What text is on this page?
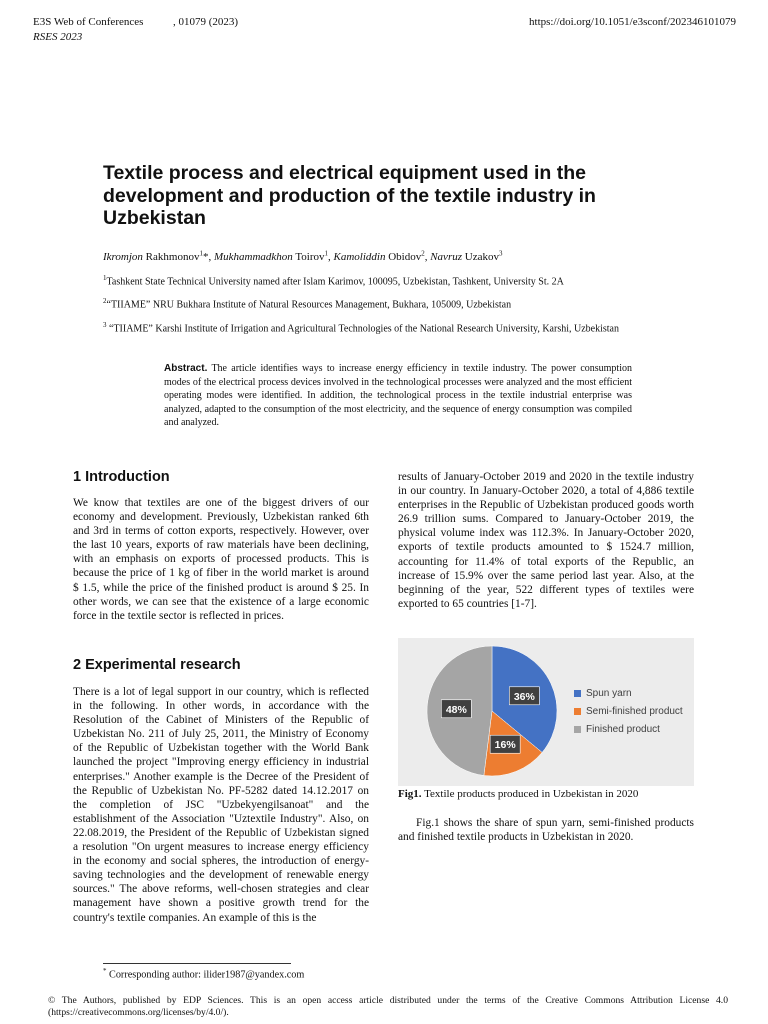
E3S Web of Conferences	, 01079 (2023)	https://doi.org/10.1051/e3sconf/202346101079
RSES 2023
Textile process and electrical equipment used in the development and production of the textile industry in Uzbekistan
Ikromjon Rakhmonov$^1$*, Mukhammadkhon Toirov$^1$, Kamoliddin Obidov$^2$, Navruz Uzakov$^3$
$^1$Tashkent State Technical University named after Islam Karimov, 100095, Uzbekistan, Tashkent, University St. 2A
$^2$“TIIAME” NRU Bukhara Institute of Natural Resources Management, Bukhara, 105009, Uzbekistan
$^3$ “TIIAME” Karshi Institute of Irrigation and Agricultural Technologies of the National Research University, Karshi, Uzbekistan
Abstract. The article identifies ways to increase energy efficiency in textile industry. The power consumption modes of the electrical process devices involved in the technological processes were analyzed and the most efficient operating modes were identified. In addition, the technological process in the textile industrial enterprise was analyzed, adapted to the consumption of the most electricity, and the sequence of energy consumption was compiled and analyzed.
1 Introduction
We know that textiles are one of the biggest drivers of our economy and development. Previously, Uzbekistan ranked 6th and 3rd in terms of cotton exports, respectively. However, over the last 10 years, exports of raw materials have been declining, with an emphasis on exports of processed products. This is because the price of 1 kg of fiber in the world market is around $ 1.5, while the price of the finished product is around $ 25. In other words, we can see that the existence of a large economic force in the textile sector is reflected in prices.
2 Experimental research
There is a lot of legal support in our country, which is reflected in the following. In other words, in accordance with the Resolution of the Cabinet of Ministers of the Republic of Uzbekistan No. 211 of July 25, 2011, the Ministry of Economy of the Republic of Uzbekistan together with the World Bank launched the project "Improving energy efficiency in industrial enterprises." Another example is the Decree of the President of the Republic of Uzbekistan No. PF-5282 dated 14.12.2017 on the completion of JSC "Uzbekyengilsanoat" and the establishment of the Association "Uztextile Industry". Also, on 22.08.2019, the President of the Republic of Uzbekistan signed a resolution "On urgent measures to increase energy efficiency in the economy and social spheres, the introduction of energy-saving technologies and the development of renewable energy sources." The above reforms, well-chosen strategies and clear management have shown a positive growth trend for the country's textile companies. An example of this is the
results of January-October 2019 and 2020 in the textile industry in our country. In January-October 2020, a total of 4,886 textile enterprises in the Republic of Uzbekistan produced goods worth 26.9 trillion sums. Compared to January-October 2019, the physical volume index was 112.3%. In January-October 2020, exports of textile products amounted to $ 1524.7 million, accounting for 11.4% of total exports of the Republic, an increase of 15.9% over the same period last year. Also, at the beginning of the year, 522 different types of textiles were exported to 65 countries [1-7].
36%
16%
48%
Spun yarn
Semi-finished product
Finished product
Fig1. Textile products produced in Uzbekistan in 2020
Fig.1 shows the share of spun yarn, semi-finished products and finished textile products in Uzbekistan in 2020.
* Corresponding author: ilider1987@yandex.com
© The Authors, published by EDP Sciences. This is an open access article distributed under the terms of the Creative Commons Attribution License 4.0 (https://creativecommons.org/licenses/by/4.0/).
